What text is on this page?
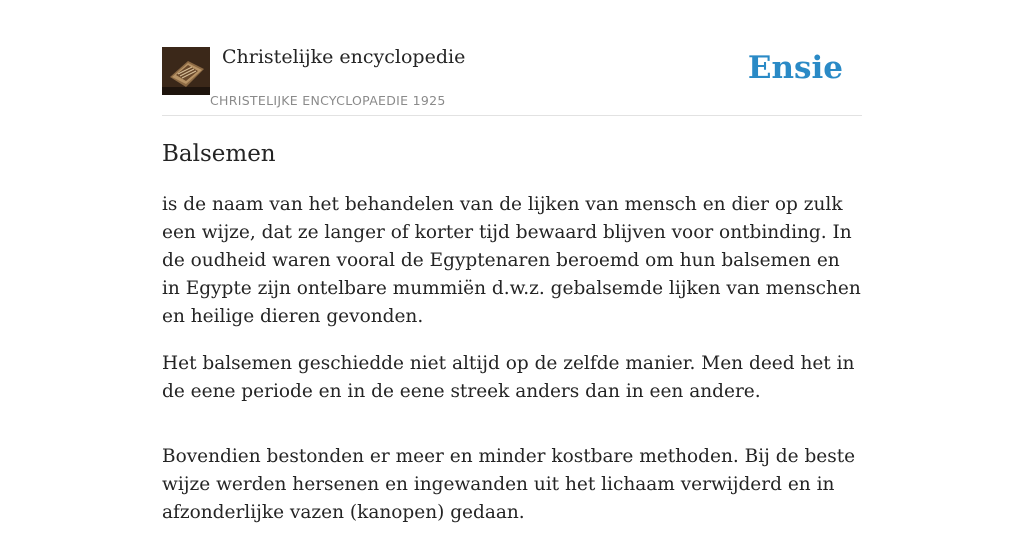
Christelijke encyclopedie
CHRISTELIJKE ENCYCLOPAEDIE 1925
Ensie
Balsemen

is de naam van het behandelen van de lijken van mensch en dier op zulk een wijze, dat ze langer of korter tijd bewaard blijven voor ontbinding. In de oudheid waren vooral de Egyptenaren beroemd om hun balsemen en in Egypte zijn ontelbare mummiën d.w.z. gebalsemde lijken van menschen en heilige dieren gevonden.

Het balsemen geschiedde niet altijd op de zelfde manier. Men deed het in de eene periode en in de eene streek anders dan in een andere.

Bovendien bestonden er meer en minder kostbare methoden. Bij de beste wijze werden hersenen en ingewanden uit het lichaam verwijderd en in afzonderlijke vazen (kanopen) gedaan.
